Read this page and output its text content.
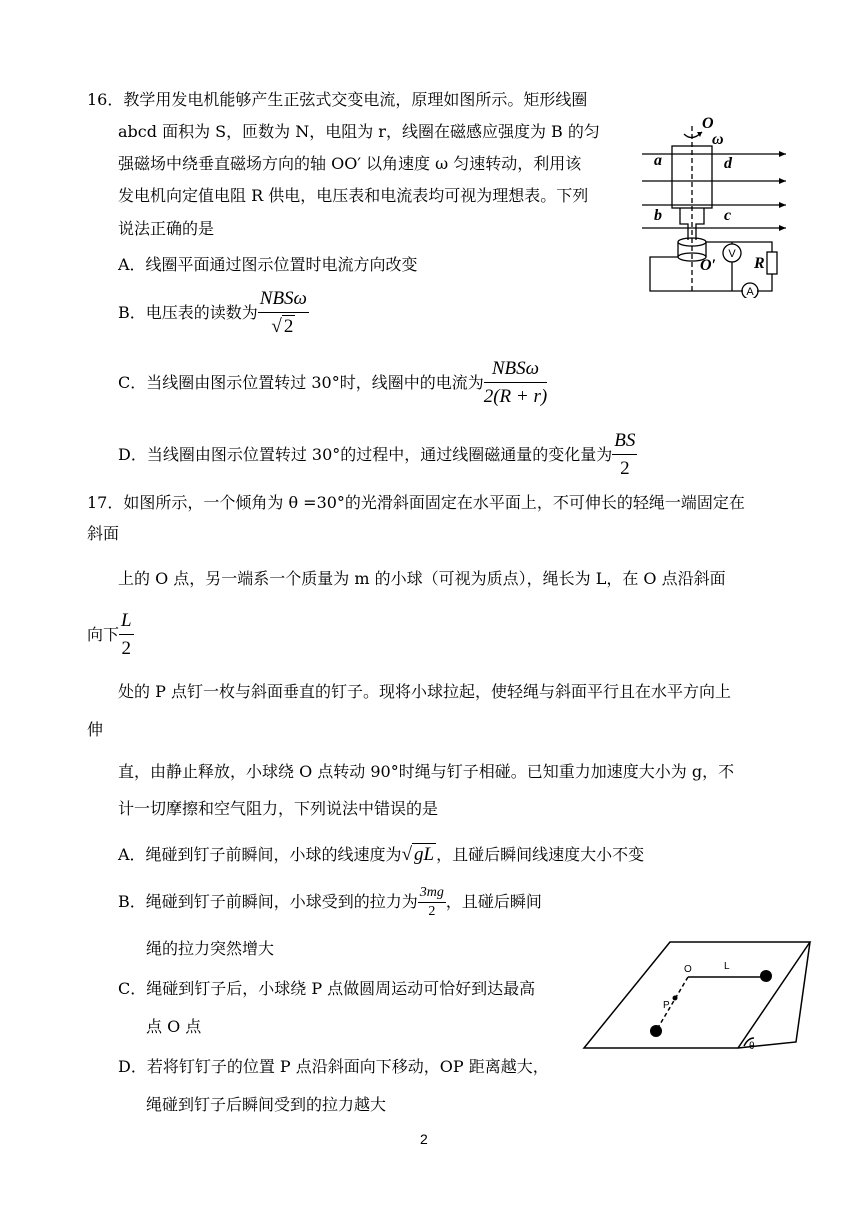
16．教学用发电机能够产生正弦式交变电流，原理如图所示。矩形线圈
abcd 面积为 S，匝数为 N，电阻为 r，线圈在磁感应强度为 B 的匀
强磁场中绕垂直磁场方向的轴 OO′ 以角速度 ω 匀速转动，利用该
发电机向定值电阻 R 供电，电压表和电流表均可视为理想表。下列
说法正确的是
A．线圈平面通过图示位置时电流方向改变
B．电压表的读数为 $\frac{\text{NBSω}}{√ 2}$
C．当线圈由图示位置转过 30°时，线圈中的电流为 $\frac{\text{NBSω}}{2(R + r)}$
D．当线圈由图示位置转过 30°的过程中，通过线圈磁通量的变化量为 $\frac{BS}{2}$
O
ω
a	d
b	c
O′ R
V
A
17．如图所示，一个倾角为 θ =30°的光滑斜面固定在水平面上，不可伸长的轻绳一端固定在
斜面
上的 O 点，另一端系一个质量为 m 的小球（可视为质点），绳长为 L，在 O 点沿斜面
向下 $\frac{L}{2}$
处的 P 点钉一枚与斜面垂直的钉子。现将小球拉起，使轻绳与斜面平行且在水平方向上
伸
直，由静止释放，小球绕 O 点转动 90°时绳与钉子相碰。已知重力加速度大小为 g，不
计一切摩擦和空气阻力，下列说法中错误的是
A．绳碰到钉子前瞬间，小球的线速度为√ gL ，且碰后瞬间线速度大小不变
B．绳碰到钉子前瞬间，小球受到的拉力为 $\frac{3mg}{2}$ ，且碰后瞬间
绳的拉力突然增大
C．绳碰到钉子后，小球绕 P 点做圆周运动可恰好到达最高
点 O 点
D．若将钉钉子的位置 P 点沿斜面向下移动，OP 距离越大，
绳碰到钉子后瞬间受到的拉力越大
O	L
P
θ
2
